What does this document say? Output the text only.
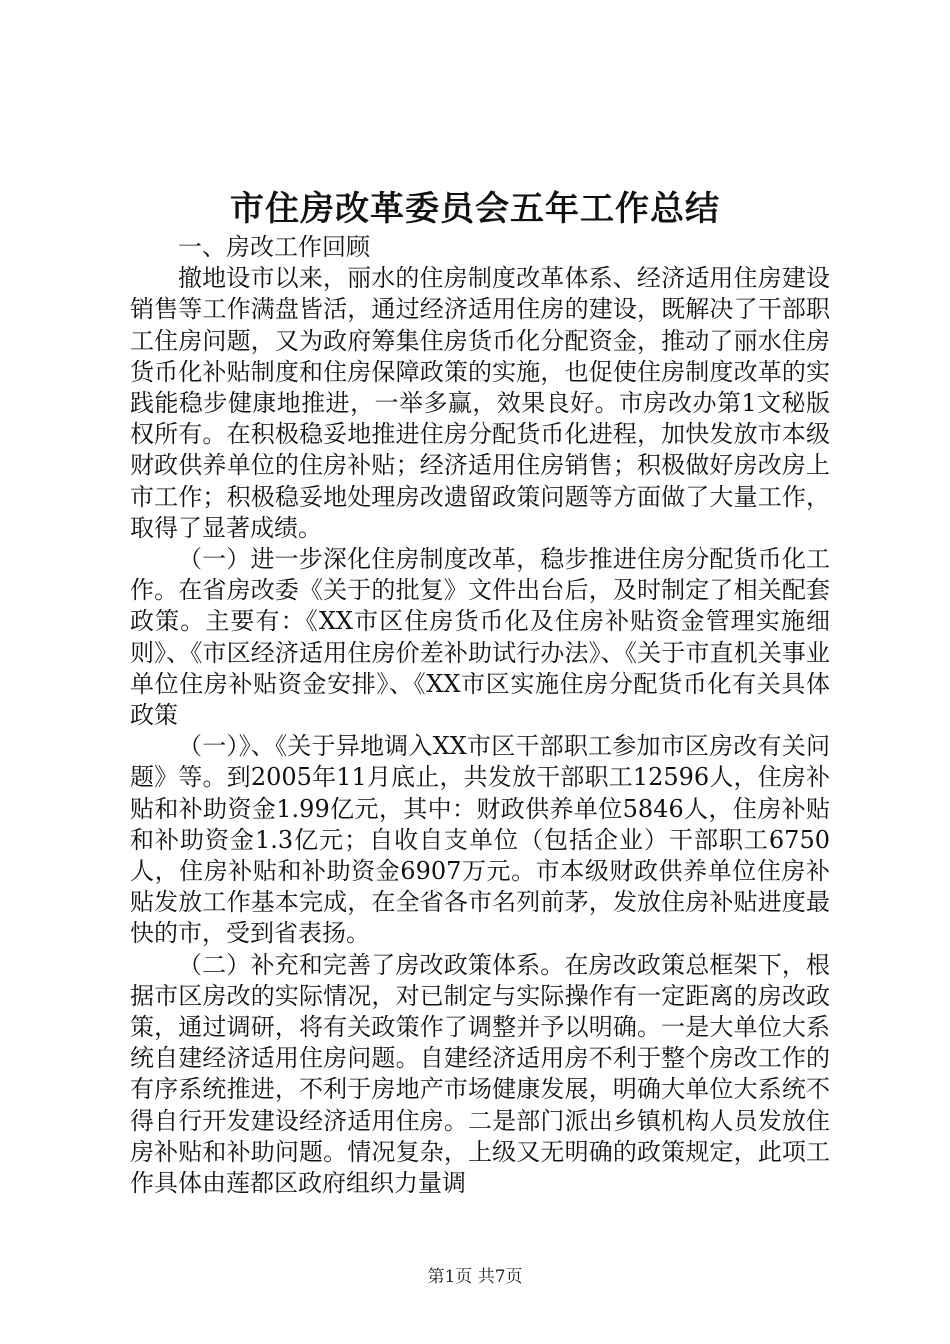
市住房改革委员会五年工作总结

一、房改工作回顾

撤地设市以来，丽水的住房制度改革体系、经济适用住房建设销售等工作满盘皆活，通过经济适用住房的建设，既解决了干部职工住房问题，又为政府筹集住房货币化分配资金，推动了丽水住房货币化补贴制度和住房保障政策的实施，也促使住房制度改革的实践能稳步健康地推进，一举多赢，效果良好。市房改办第1文秘版权所有。在积极稳妥地推进住房分配货币化进程，加快发放市本级财政供养单位的住房补贴；经济适用住房销售；积极做好房改房上市工作；积极稳妥地处理房改遗留政策问题等方面做了大量工作，取得了显著成绩。

（一）进一步深化住房制度改革，稳步推进住房分配货币化工作。在省房改委《关于的批复》文件出台后，及时制定了相关配套政策。主要有：《XX市区住房货币化及住房补贴资金管理实施细则》、《市区经济适用住房价差补助试行办法》、《关于市直机关事业单位住房补贴资金安排》、《XX市区实施住房分配货币化有关具体政策

（一）》、《关于异地调入XX市区干部职工参加市区房改有关问题》等。到2005年11月底止，共发放干部职工12596人，住房补贴和补助资金1.99亿元，其中：财政供养单位5846人，住房补贴和补助资金1.3亿元；自收自支单位（包括企业）干部职工6750人，住房补贴和补助资金6907万元。市本级财政供养单位住房补贴发放工作基本完成，在全省各市名列前茅，发放住房补贴进度最快的市，受到省表扬。

（二）补充和完善了房改政策体系。在房改政策总框架下，根据市区房改的实际情况，对已制定与实际操作有一定距离的房改政策，通过调研，将有关政策作了调整并予以明确。一是大单位大系统自建经济适用住房问题。自建经济适用房不利于整个房改工作的有序系统推进，不利于房地产市场健康发展，明确大单位大系统不得自行开发建设经济适用住房。二是部门派出乡镇机构人员发放住房补贴和补助问题。情况复杂，上级又无明确的政策规定，此项工作具体由莲都区政府组织力量调

第1页 共7页
